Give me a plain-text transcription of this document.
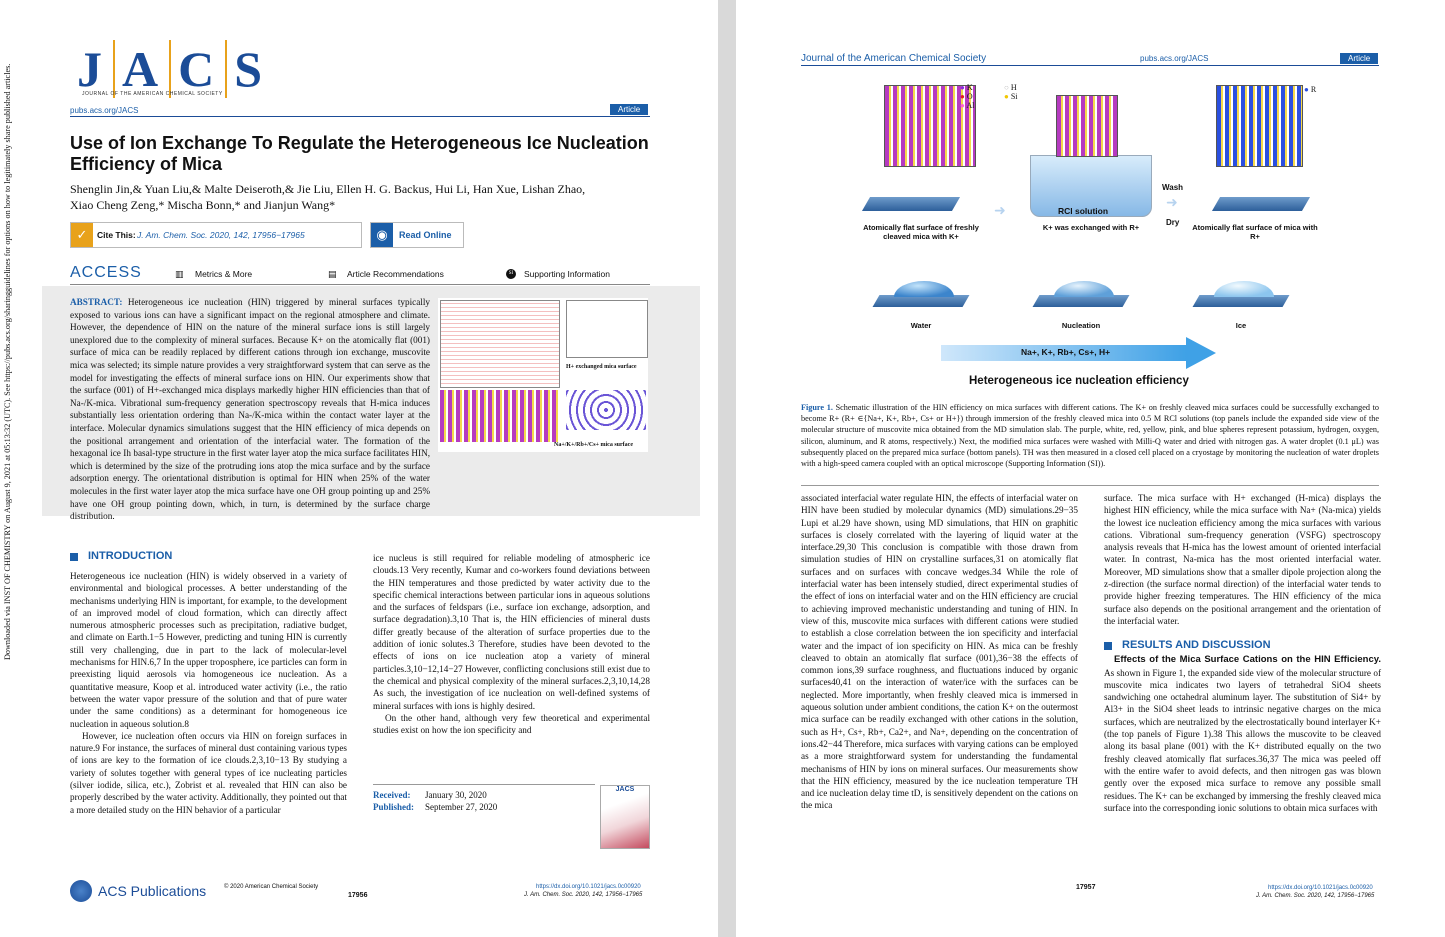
Downloaded via INST OF CHEMISTRY on August 9, 2021 at 05:13:32 (UTC). See https://pubs.acs.org/sharingguidelines for options on how to legitimately share published articles. J A C S
JOURNAL OF THE AMERICAN CHEMICAL SOCIETY
pubs.acs.org/JACS	Article
Use of Ion Exchange To Regulate the Heterogeneous Ice Nucleation Efficiency of Mica
Shenglin Jin,& Yuan Liu,& Malte Deiseroth,& Jie Liu, Ellen H. G. Backus, Hui Li, Han Xue, Lishan Zhao,
Xiao Cheng Zeng,* Mischa Bonn,* and Jianjun Wang*
✓	Cite This: J. Am. Chem. Soc. 2020, 142, 17956−17965	◉	Read Online
ACCESS	▥ Metrics & More	▤ Article Recommendations	SI	Supporting Information
ABSTRACT: Heterogeneous ice nucleation (HIN) triggered by mineral surfaces typically exposed to various ions can have a significant impact on the regional atmosphere and climate. However, the dependence of HIN on the nature of the mineral surface ions is still largely unexplored due to the complexity of mineral surfaces. Because K+ on the atomically flat (001) surface of mica can be readily replaced by different cations through ion exchange, muscovite mica was selected; its simple nature provides a very straightforward system that can serve as the model for investigating the effects of mineral surface ions on HIN. Our experiments show that the surface (001) of H+-exchanged mica displays markedly higher HIN efficiencies than that of Na-/K-mica. Vibrational sum-frequency generation spectroscopy reveals that H-mica induces substantially less orientation ordering than Na-/K-mica within the contact water layer at the interface. Molecular dynamics simulations suggest that the HIN efficiency of mica depends on the positional arrangement and orientation of the interfacial water. The formation of the hexagonal ice Ih basal-type structure in the first water layer atop the mica surface facilitates HIN, which is determined by the size of the protruding ions atop the mica surface and by the surface adsorption energy. The orientational distribution is optimal for HIN when 25% of the water molecules in the first water layer atop the mica surface have one OH group pointing up and 25% have one OH group pointing down, which, in turn, is determined by the surface charge distribution.
H+ exchanged mica surface
Na+/K+/Rb+/Cs+ mica surface
INTRODUCTION

Heterogeneous ice nucleation (HIN) is widely observed in a variety of environmental and biological processes. A better understanding of the mechanisms underlying HIN is important, for example, to the development of an improved model of cloud formation, which can directly affect numerous atmospheric processes such as precipitation, radiative budget, and climate on Earth.1−5 However, predicting and tuning HIN is currently still very challenging, due in part to the lack of molecular-level mechanisms for HIN.6,7 In the upper troposphere, ice particles can form in preexisting liquid aerosols via homogeneous ice nucleation. As a quantitative measure, Koop et al. introduced water activity (i.e., the ratio between the water vapor pressure of the solution and that of pure water under the same conditions) as a determinant for homogeneous ice nucleation in aqueous solution.8

However, ice nucleation often occurs via HIN on foreign surfaces in nature.9 For instance, the surfaces of mineral dust containing various types of ions are key to the formation of ice clouds.2,3,10−13 By studying a variety of solutes together with general types of ice nucleating particles (silver iodide, silica, etc.), Zobrist et al. revealed that HIN can also be properly described by the water activity. Additionally, they pointed out that a more detailed study on the HIN behavior of a particular

ice nucleus is still required for reliable modeling of atmospheric ice clouds.13 Very recently, Kumar and co-workers found deviations between the HIN temperatures and those predicted by water activity due to the specific chemical interactions between particular ions in aqueous solutions and the surfaces of feldspars (i.e., surface ion exchange, adsorption, and surface degradation).3,10 That is, the HIN efficiencies of mineral dusts differ greatly because of the alteration of surface properties due to the addition of ionic solutes.3 Therefore, studies have been devoted to the effects of ions on ice nucleation atop a variety of mineral particles.3,10−12,14−27 However, conflicting conclusions still exist due to the chemical and physical complexity of the mineral surfaces.2,3,10,14,28 As such, the investigation of ice nucleation on well-defined systems of mineral surfaces with ions is highly desired.

On the other hand, although very few theoretical and experimental studies exist on how the ion specificity and

Received: January 30, 2020
Published: September 27, 2020
JACS
ACS Publications	© 2020 American Chemical Society
17956
https://dx.doi.org/10.1021/jacs.0c00920
J. Am. Chem. Soc. 2020, 142, 17956−17965
Journal of the American Chemical Society	pubs.acs.org/JACS	Article
● K
● O
● Al
○ H
● Si
Atomically flat surface of freshly cleaved mica with K+
➜	RCl solution
K+ was exchanged with R+
Wash
➜
Dry
● R
Atomically flat surface of mica with R+
Water	Nucleation	Ice
Na+, K+, Rb+, Cs+, H+
Heterogeneous ice nucleation efficiency
Figure 1. Schematic illustration of the HIN efficiency on mica surfaces with different cations. The K+ on freshly cleaved mica surfaces could be successfully exchanged to become R+ (R+ ∈{Na+, K+, Rb+, Cs+ or H+}) through immersion of the freshly cleaved mica into 0.5 M RCl solutions (top panels include the expanded side view of the molecular structure of muscovite mica obtained from the MD simulation slab. The purple, white, red, yellow, pink, and blue spheres represent potassium, hydrogen, oxygen, silicon, aluminum, and R atoms, respectively.) Next, the modified mica surfaces were washed with Milli-Q water and dried with nitrogen gas. A water droplet (0.1 μL) was subsequently placed on the prepared mica surface (bottom panels). TH was then measured in a closed cell placed on a cryostage by monitoring the nucleation of water droplets with a high-speed camera coupled with an optical microscope (Supporting Information (SI)).

associated interfacial water regulate HIN, the effects of interfacial water on HIN have been studied by molecular dynamics (MD) simulations.29−35 Lupi et al.29 have shown, using MD simulations, that HIN on graphitic surfaces is closely correlated with the layering of liquid water at the interface.29,30 This conclusion is compatible with those drawn from simulation studies of HIN on crystalline surfaces,31 on atomically flat surfaces and on surfaces with concave wedges.34 While the role of interfacial water has been intensely studied, direct experimental studies of the effect of ions on interfacial water and on the HIN efficiency are crucial to achieving improved mechanistic understanding and tuning of HIN. In view of this, muscovite mica surfaces with different cations were studied to establish a close correlation between the ion specificity and interfacial water and the impact of ion specificity on HIN. As mica can be freshly cleaved to obtain an atomically flat surface (001),36−38 the effects of common ions,39 surface roughness, and fluctuations induced by organic surfaces40,41 on the interaction of water/ice with the surfaces can be neglected. More importantly, when freshly cleaved mica is immersed in aqueous solution under ambient conditions, the cation K+ on the outermost mica surface can be readily exchanged with other cations in the solution, such as H+, Cs+, Rb+, Ca2+, and Na+, depending on the concentration of ions.42−44 Therefore, mica surfaces with varying cations can be employed as a more straightforward system for understanding the fundamental mechanisms of HIN by ions on mineral surfaces. Our measurements show that the HIN efficiency, measured by the ice nucleation temperature TH and ice nucleation delay time tD, is sensitively dependent on the cations on the mica

surface. The mica surface with H+ exchanged (H-mica) displays the highest HIN efficiency, while the mica surface with Na+ (Na-mica) yields the lowest ice nucleation efficiency among the mica surfaces with various cations. Vibrational sum-frequency generation (VSFG) spectroscopy analysis reveals that H-mica has the lowest amount of oriented interfacial water. In contrast, Na-mica has the most oriented interfacial water. Moreover, MD simulations show that a smaller dipole projection along the z-direction (the surface normal direction) of the interfacial water tends to provide higher freezing temperatures. The HIN efficiency of the mica surface also depends on the positional arrangement and the orientation of the interfacial water.

RESULTS AND DISCUSSION

Effects of the Mica Surface Cations on the HIN Efficiency. As shown in Figure 1, the expanded side view of the molecular structure of muscovite mica indicates two layers of tetrahedral SiO4 sheets sandwiching one octahedral aluminum layer. The substitution of Si4+ by Al3+ in the SiO4 sheet leads to intrinsic negative charges on the mica surfaces, which are neutralized by the electrostatically bound interlayer K+ (the top panels of Figure 1).38 This allows the muscovite to be cleaved along its basal plane (001) with the K+ distributed equally on the two freshly cleaved atomically flat surfaces.36,37 The mica was peeled off with the entire wafer to avoid defects, and then nitrogen gas was blown gently over the exposed mica surface to remove any possible small residues. The K+ can be exchanged by immersing the freshly cleaved mica surface into the corresponding ionic solutions to obtain mica surfaces with

17957	https://dx.doi.org/10.1021/jacs.0c00920
J. Am. Chem. Soc. 2020, 142, 17956−17965
